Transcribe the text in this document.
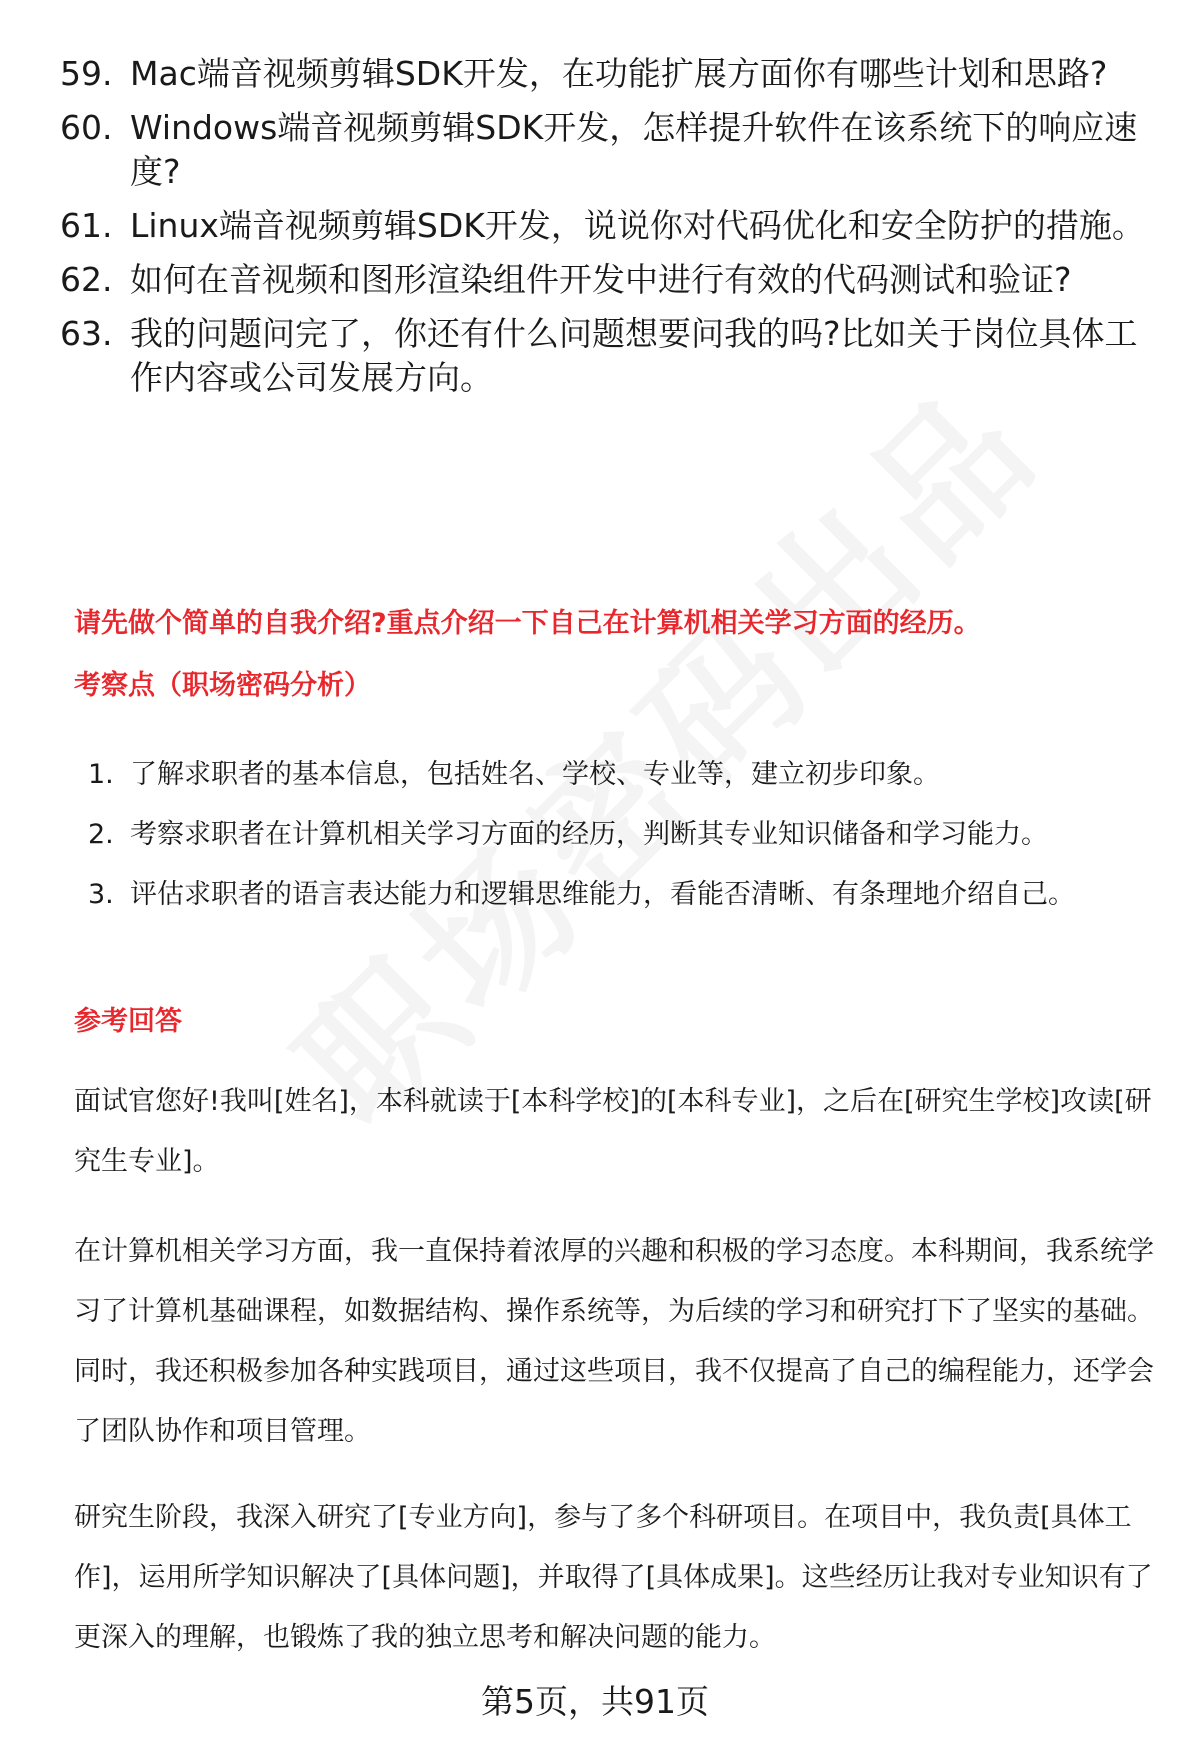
59. Mac端音视频剪辑SDK开发，在功能扩展方面你有哪些计划和思路?
60. Windows端音视频剪辑SDK开发，怎样提升软件在该系统下的响应速度?
61. Linux端音视频剪辑SDK开发，说说你对代码优化和安全防护的措施。
62. 如何在音视频和图形渲染组件开发中进行有效的代码测试和验证?
63. 我的问题问完了，你还有什么问题想要问我的吗?比如关于岗位具体工作内容或公司发展方向。
请先做个简单的自我介绍?重点介绍一下自己在计算机相关学习方面的经历。
考察点（职场密码分析）
1. 了解求职者的基本信息，包括姓名、学校、专业等，建立初步印象。
2. 考察求职者在计算机相关学习方面的经历，判断其专业知识储备和学习能力。
3. 评估求职者的语言表达能力和逻辑思维能力，看能否清晰、有条理地介绍自己。
参考回答

面试官您好!我叫[姓名]，本科就读于[本科学校]的[本科专业]，之后在[研究生学校]攻读[研究生专业]。

在计算机相关学习方面，我一直保持着浓厚的兴趣和积极的学习态度。本科期间，我系统学习了计算机基础课程，如数据结构、操作系统等，为后续的学习和研究打下了坚实的基础。同时，我还积极参加各种实践项目，通过这些项目，我不仅提高了自己的编程能力，还学会了团队协作和项目管理。

研究生阶段，我深入研究了[专业方向]，参与了多个科研项目。在项目中，我负责[具体工作]，运用所学知识解决了[具体问题]，并取得了[具体成果]。这些经历让我对专业知识有了更深入的理解，也锻炼了我的独立思考和解决问题的能力。

第5页，共91页
